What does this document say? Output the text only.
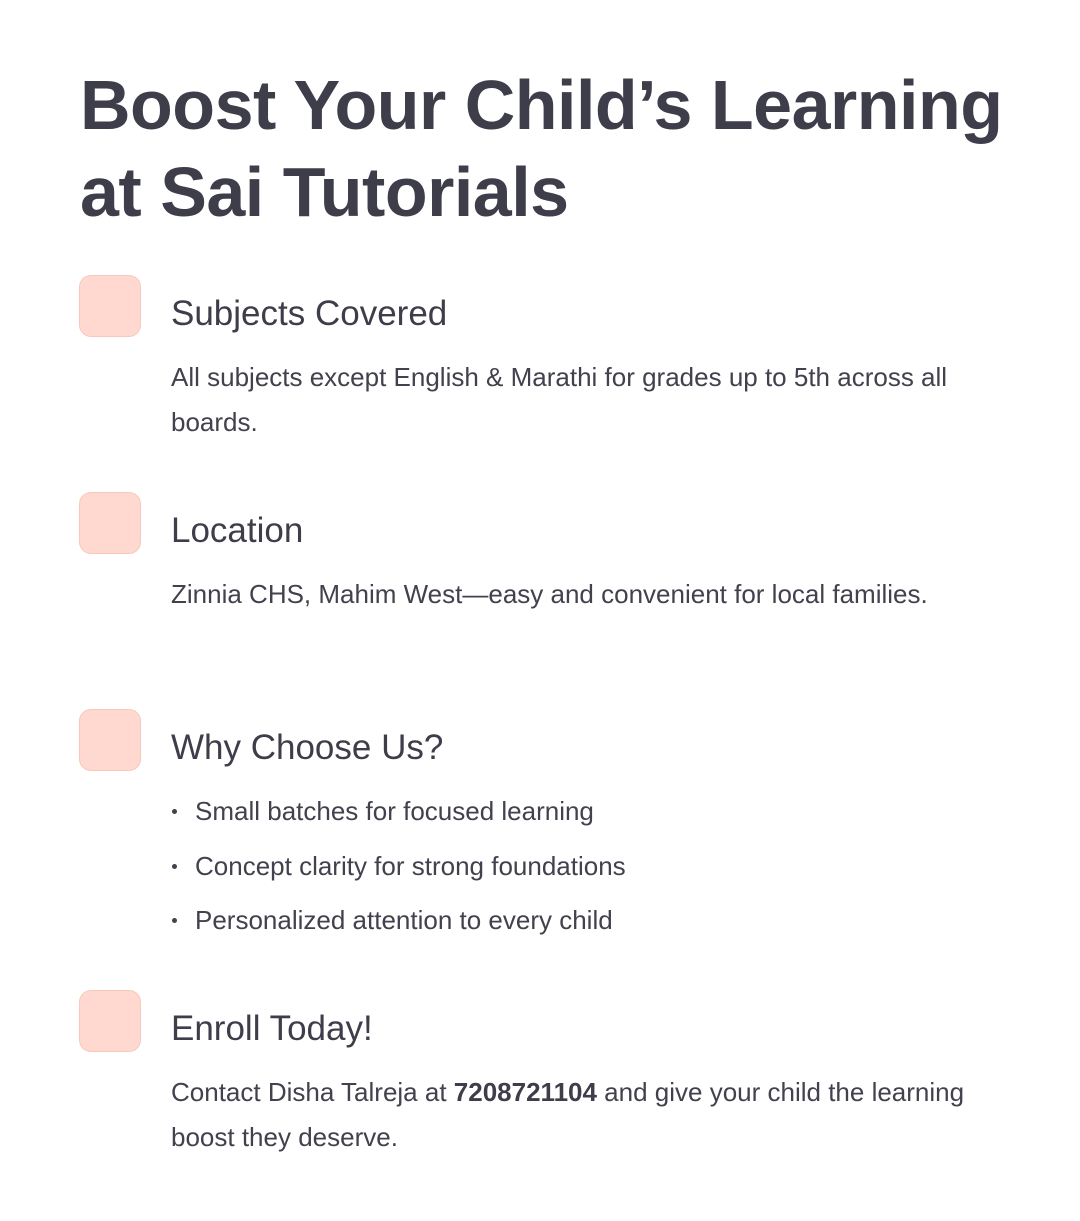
Boost Your Child’s Learning at Sai Tutorials
Subjects Covered

All subjects except English & Marathi for grades up to 5th across all boards.

Location

Zinnia CHS, Mahim West—easy and convenient for local families.

Why Choose Us?
Small batches for focused learning
Concept clarity for strong foundations
Personalized attention to every child
Enroll Today!

Contact Disha Talreja at 7208721104 and give your child the learning boost they deserve.
